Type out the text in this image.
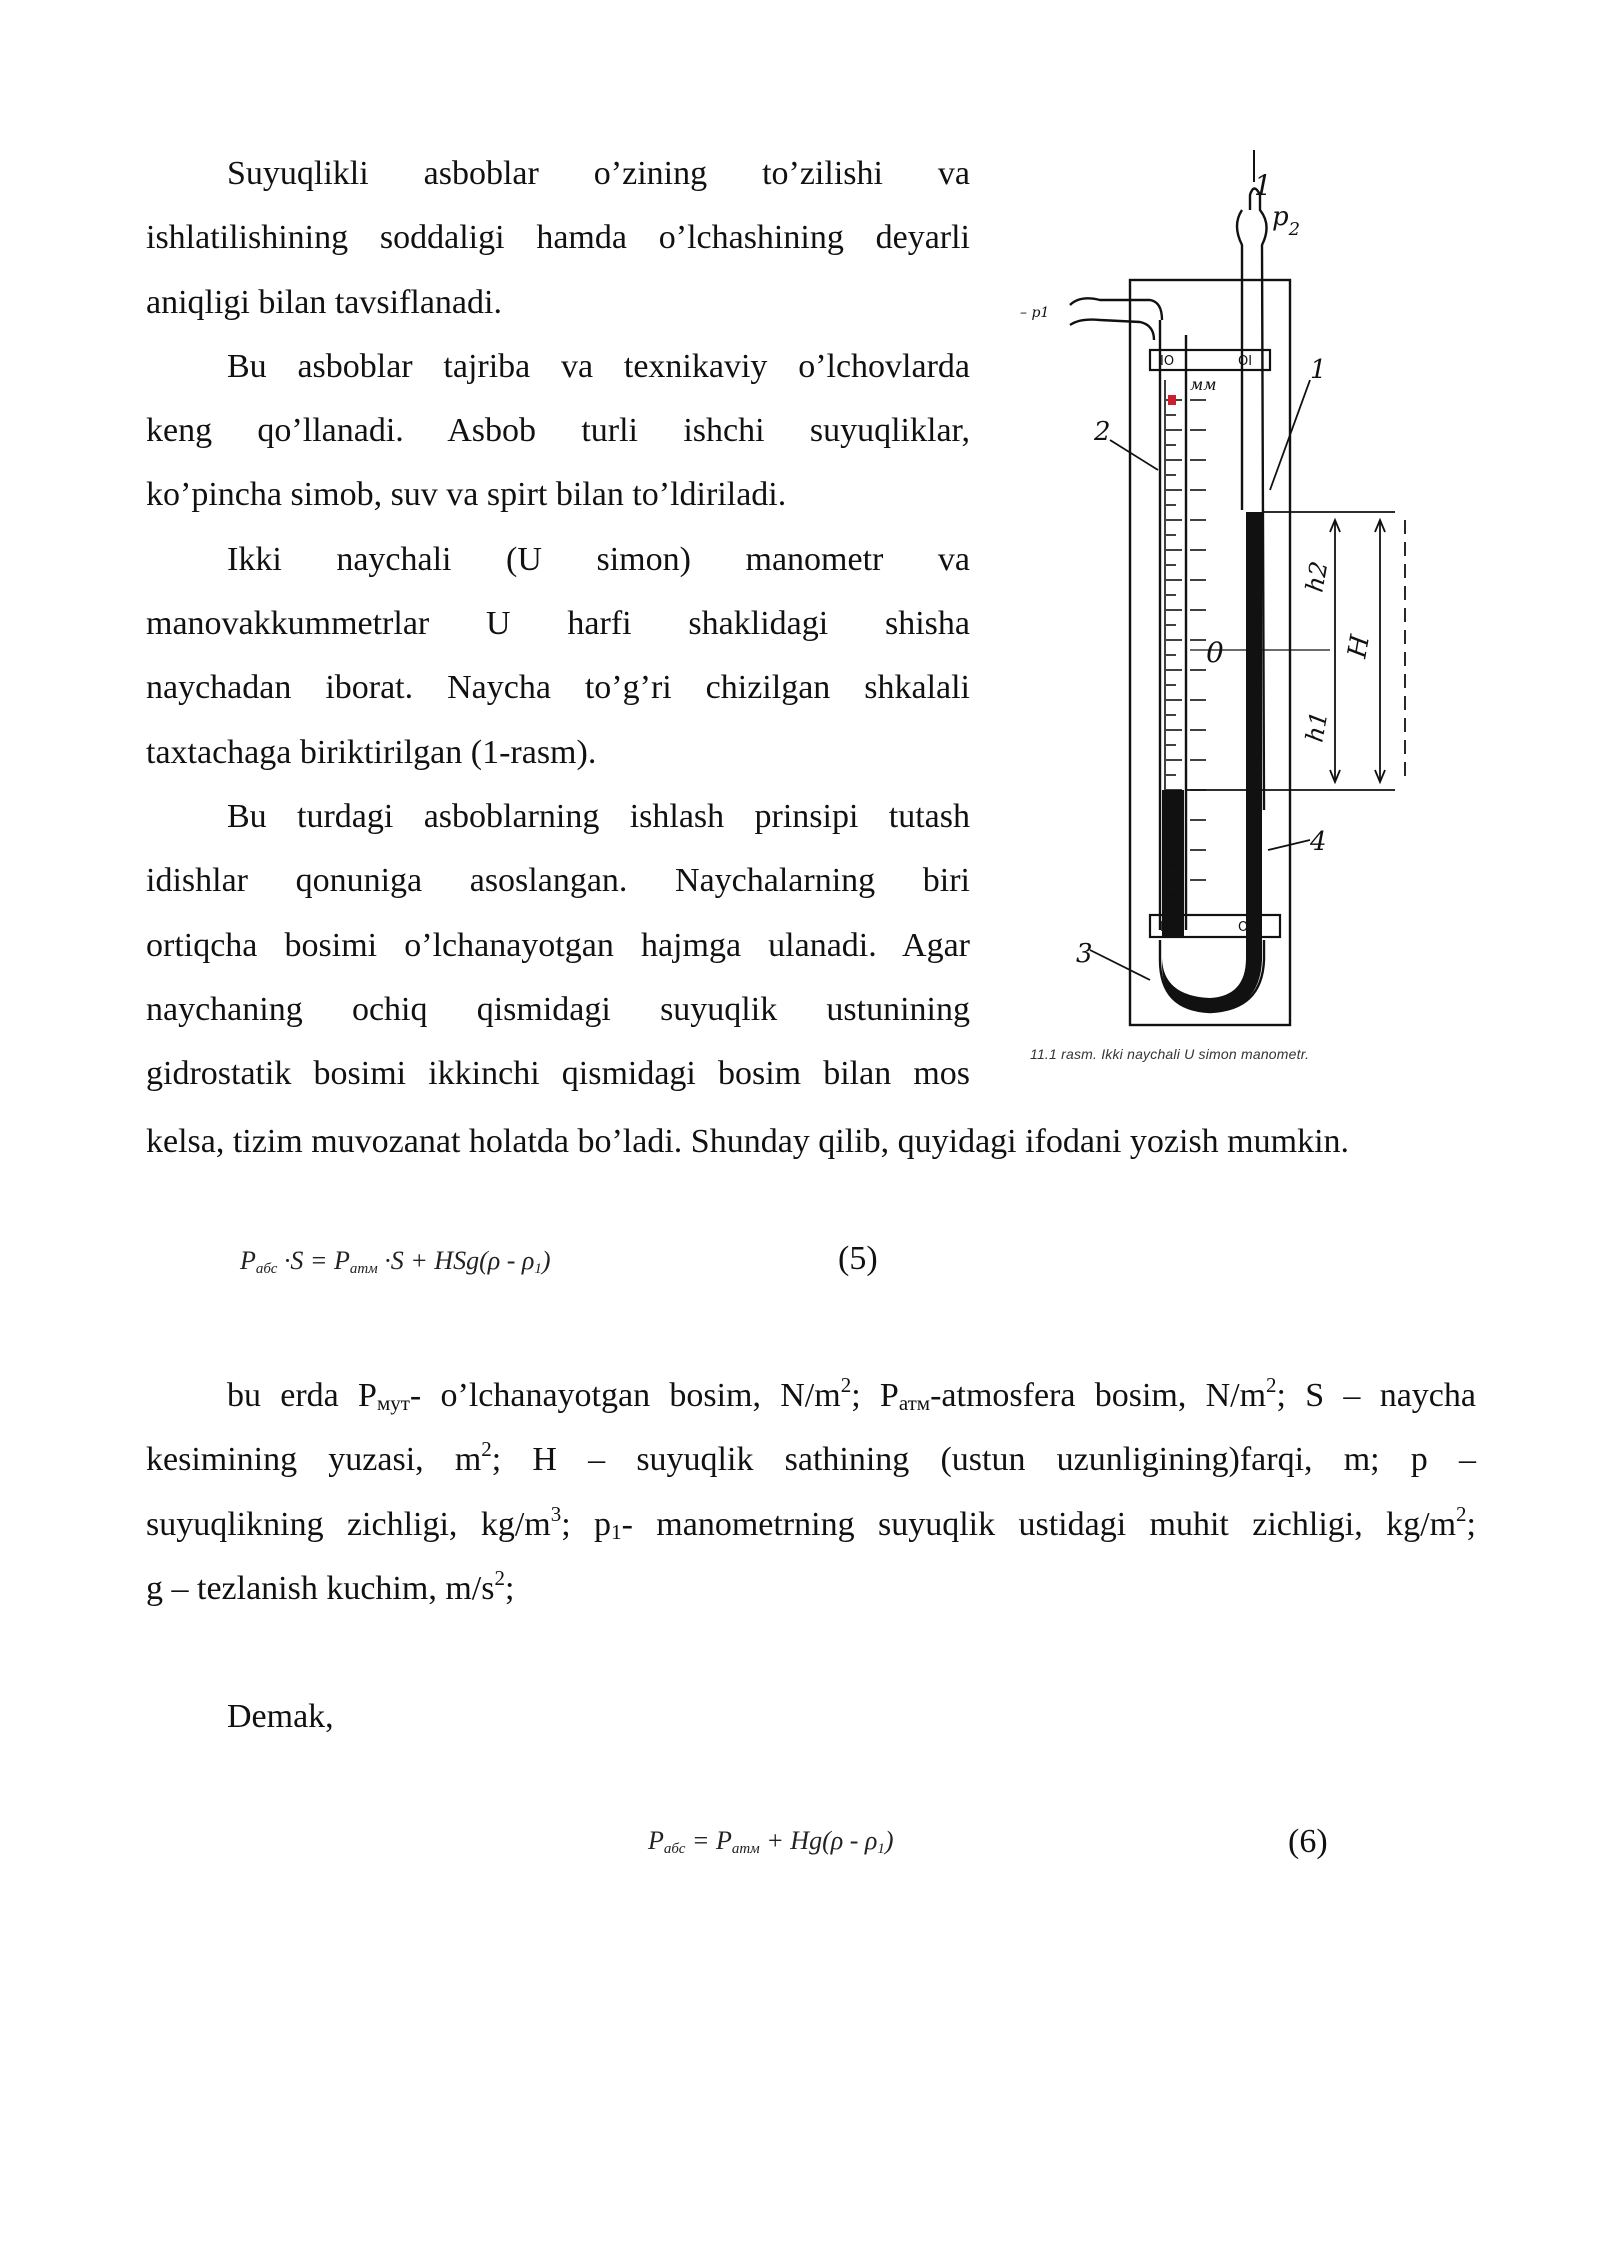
Suyuqlikli asboblar o’zining to’zilishi va
ishlatilishining soddaligi hamda o’lchashining deyarli
aniqligi bilan tavsiflanadi.
Bu asboblar tajriba va texnikaviy o’lchovlarda
keng qo’llanadi. Asbob turli ishchi suyuqliklar,
ko’pincha simob, suv va spirt bilan to’ldiriladi.
Ikki naychali (U simon) manometr va
manovakkummetrlar U harfi shaklidagi shisha
naychadan iborat. Naycha to’g’ri chizilgan shkalali
taxtachaga biriktirilgan (1-rasm).
Bu turdagi asboblarning ishlash prinsipi tutash
idishlar qonuniga asoslangan. Naychalarning biri
ortiqcha bosimi o’lchanayotgan hajmga ulanadi. Agar
naychaning ochiq qismidagi suyuqlik ustunining
gidrostatik bosimi ikkinchi qismidagi bosim bilan mos
kelsa, tizim muvozanat holatda bo’ladi. Shunday qilib, quyidagi ifodani yozish mumkin.
1
$p_2$
мм	1
2
0
4
3
h2
H
h1
– p1
IO	OI
IO	OI
11.1 rasm. Ikki naychali U simon manometr.
$P_{абс} \cdot S = P_{атм} \cdot S + HSg(\rho - \rho_1)$	(5)
bu erda $P_{мут}-$ o’lchanayotgan bosim, $N/m^2$; $P_{атм}$-atmosfera bosim, $N/m^2$; S – naycha
kesimining yuzasi, $m^2$; H – suyuqlik sathining (ustun uzunligining)farqi, m; p –
suyuqlikning zichligi, $kg/m^3$; $p_1-$ manometrning suyuqlik ustidagi muhit zichligi, $kg/m^2$;
g – tezlanish kuchim, $m/s^2$;
Demak,
$P_{абс} = P_{атм} + Hg(\rho - \rho_1)$	(6)
